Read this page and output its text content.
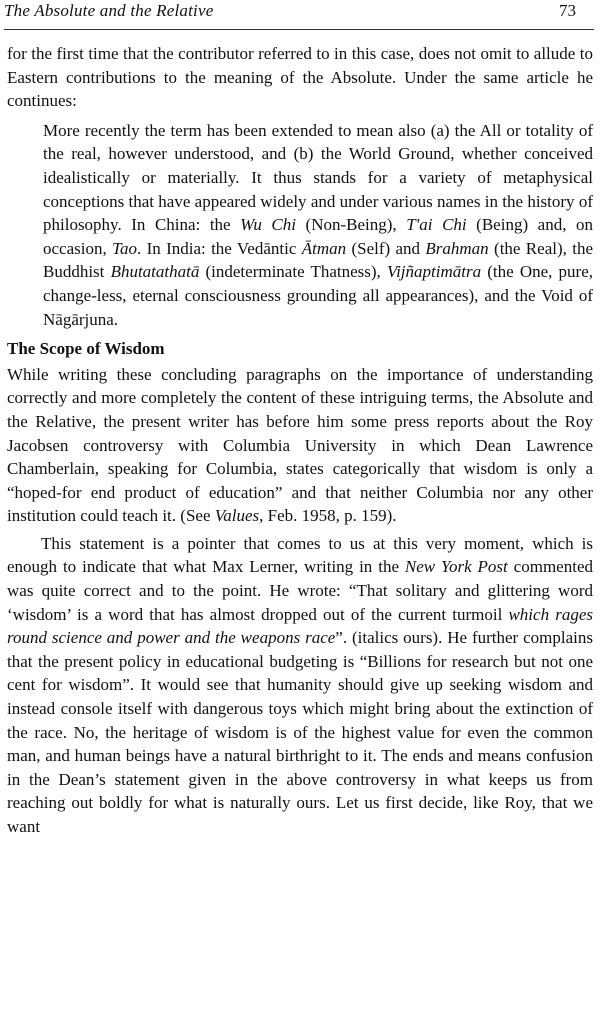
The Absolute and the Relative	73

for the first time that the contributor referred to in this case, does not omit to allude to Eastern contributions to the meaning of the Absolute. Under the same article he continues:

More recently the term has been extended to mean also (a) the All or totality of the real, however understood, and (b) the World Ground, whether conceived idealistically or materially. It thus stands for a variety of metaphysical conceptions that have appeared widely and under various names in the history of philosophy. In China: the Wu Chi (Non-Being), T'ai Chi (Being) and, on occasion, Tao. In India: the Vedāntic Ātman (Self) and Brahman (the Real), the Buddhist Bhutatathatā (indeterminate Thatness), Vijñaptimātra (the One, pure, change-less, eternal consciousness grounding all appearances), and the Void of Nāgārjuna.

The Scope of Wisdom

While writing these concluding paragraphs on the importance of understanding correctly and more completely the content of these intriguing terms, the Absolute and the Relative, the present writer has before him some press reports about the Roy Jacobsen controversy with Columbia University in which Dean Lawrence Chamberlain, speaking for Columbia, states categorically that wisdom is only a “hoped-for end product of education” and that neither Columbia nor any other institution could teach it. (See Values, Feb. 1958, p. 159).

This statement is a pointer that comes to us at this very moment, which is enough to indicate that what Max Lerner, writing in the New York Post commented was quite correct and to the point. He wrote: “That solitary and glittering word ‘wisdom’ is a word that has almost dropped out of the current turmoil which rages round science and power and the weapons race”. (italics ours). He further complains that the present policy in educational budgeting is “Billions for research but not one cent for wisdom”. It would see that humanity should give up seeking wisdom and instead console itself with dangerous toys which might bring about the extinction of the race. No, the heritage of wisdom is of the highest value for even the common man, and human beings have a natural birthright to it. The ends and means confusion in the Dean’s statement given in the above controversy in what keeps us from reaching out boldly for what is naturally ours. Let us first decide, like Roy, that we want
